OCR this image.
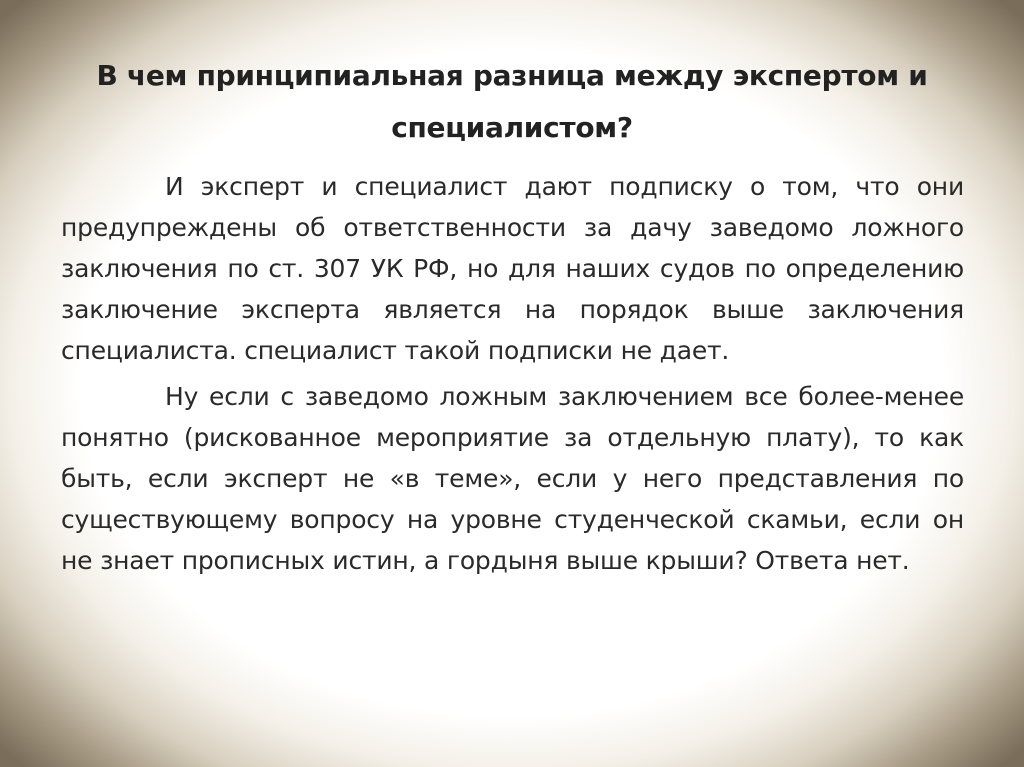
В чем принципиальная разница между экспертом и специалистом?

И эксперт и специалист дают подписку о том, что они предупреждены об ответственности за дачу заведомо ложного заключения по ст. 307 УК РФ, но для наших судов по определению заключение эксперта является на порядок выше заключения специалиста. специалист такой подписки не дает.

Ну если с заведомо ложным заключением все более-менее понятно (рискованное мероприятие за отдельную плату), то как быть, если эксперт не «в теме», если у него представления по существующему вопросу на уровне студенческой скамьи, если он не знает прописных истин, а гордыня выше крыши? Ответа нет.
